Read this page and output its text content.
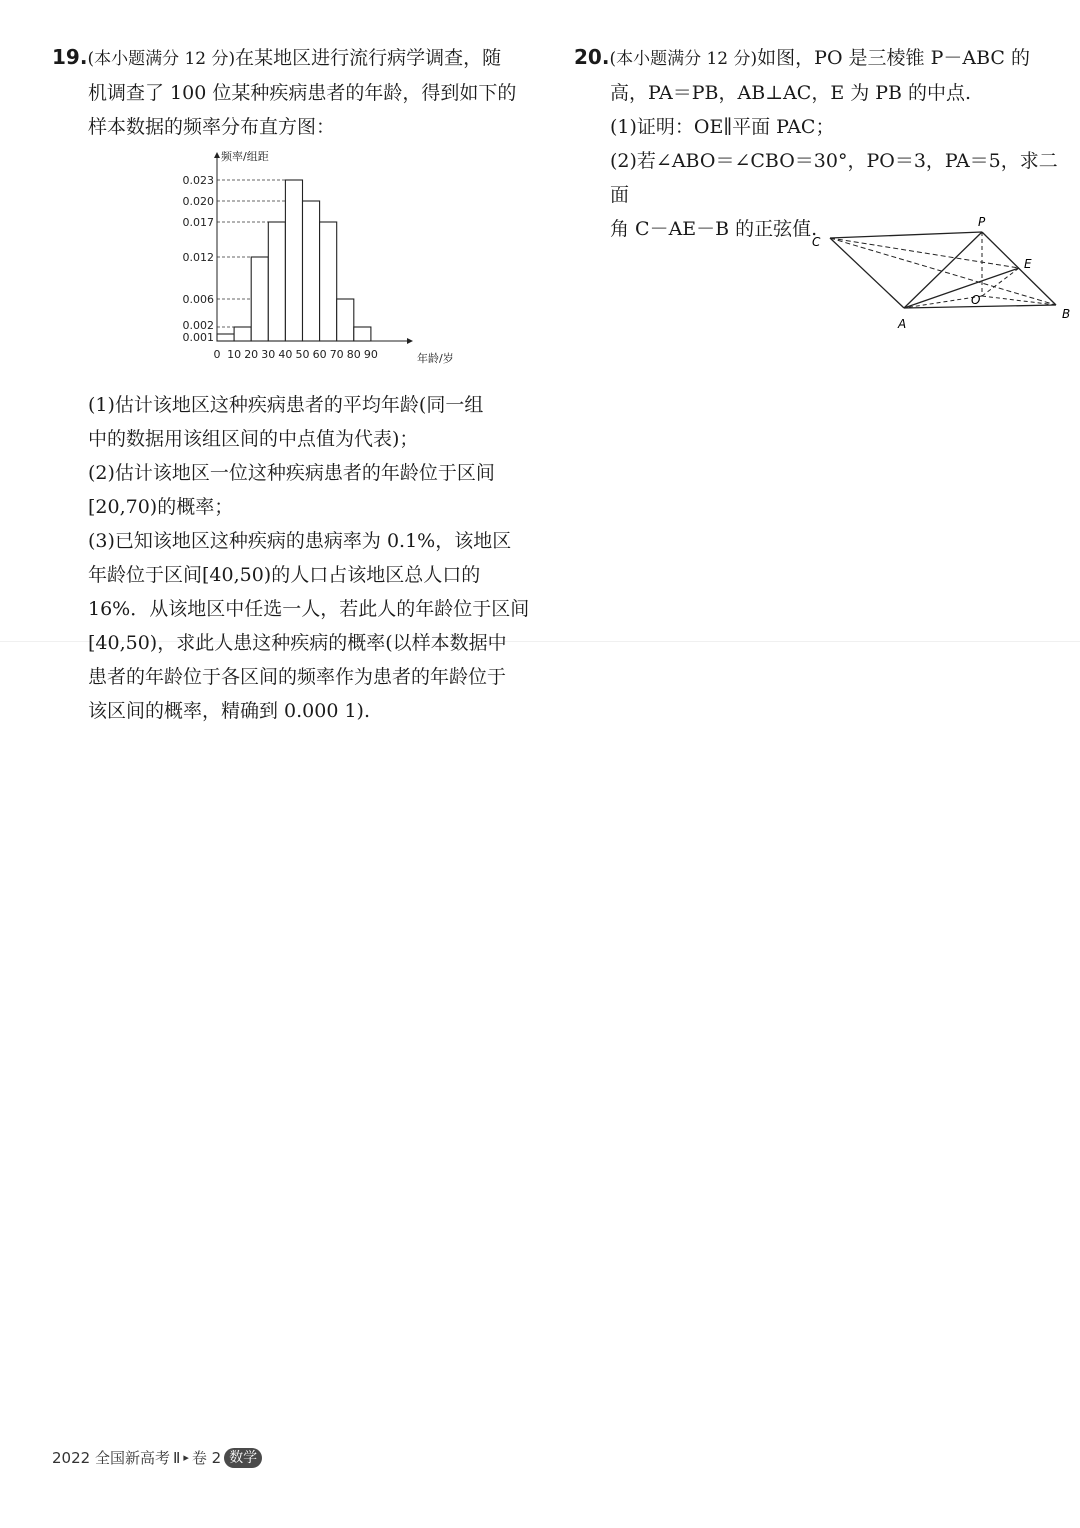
19.(本小题满分 12 分)在某地区进行流行病学调查，随
机调查了 100 位某种疾病患者的年龄，得到如下的
样本数据的频率分布直方图：
0.001
0.002
0.006
0.012
0.017
0.020
0.023
0 10 20 30 40 50 60 70 80 90
频率/组距
年龄/岁
(1)估计该地区这种疾病患者的平均年龄(同一组
中的数据用该组区间的中点值为代表)；
(2)估计该地区一位这种疾病患者的年龄位于区间
[20,70)的概率；
(3)已知该地区这种疾病的患病率为 0.1%，该地区
年龄位于区间[40,50)的人口占该地区总人口的
16%．从该地区中任选一人，若此人的年龄位于区间
[40,50)，求此人患这种疾病的概率(以样本数据中
患者的年龄位于各区间的频率作为患者的年龄位于
该区间的概率，精确到 0.000 1).
20.(本小题满分 12 分)如图，PO 是三棱锥 P－ABC 的
高，PA＝PB，AB⊥AC，E 为 PB 的中点.
(1)证明：OE∥平面 PAC；
(2)若∠ABO＝∠CBO＝30°，PO＝3，PA＝5，求二面
角 C－AE－B 的正弦值.	P
C
A
B
E
O
2022 全国新高考 Ⅱ ▸ 卷 2 数学
